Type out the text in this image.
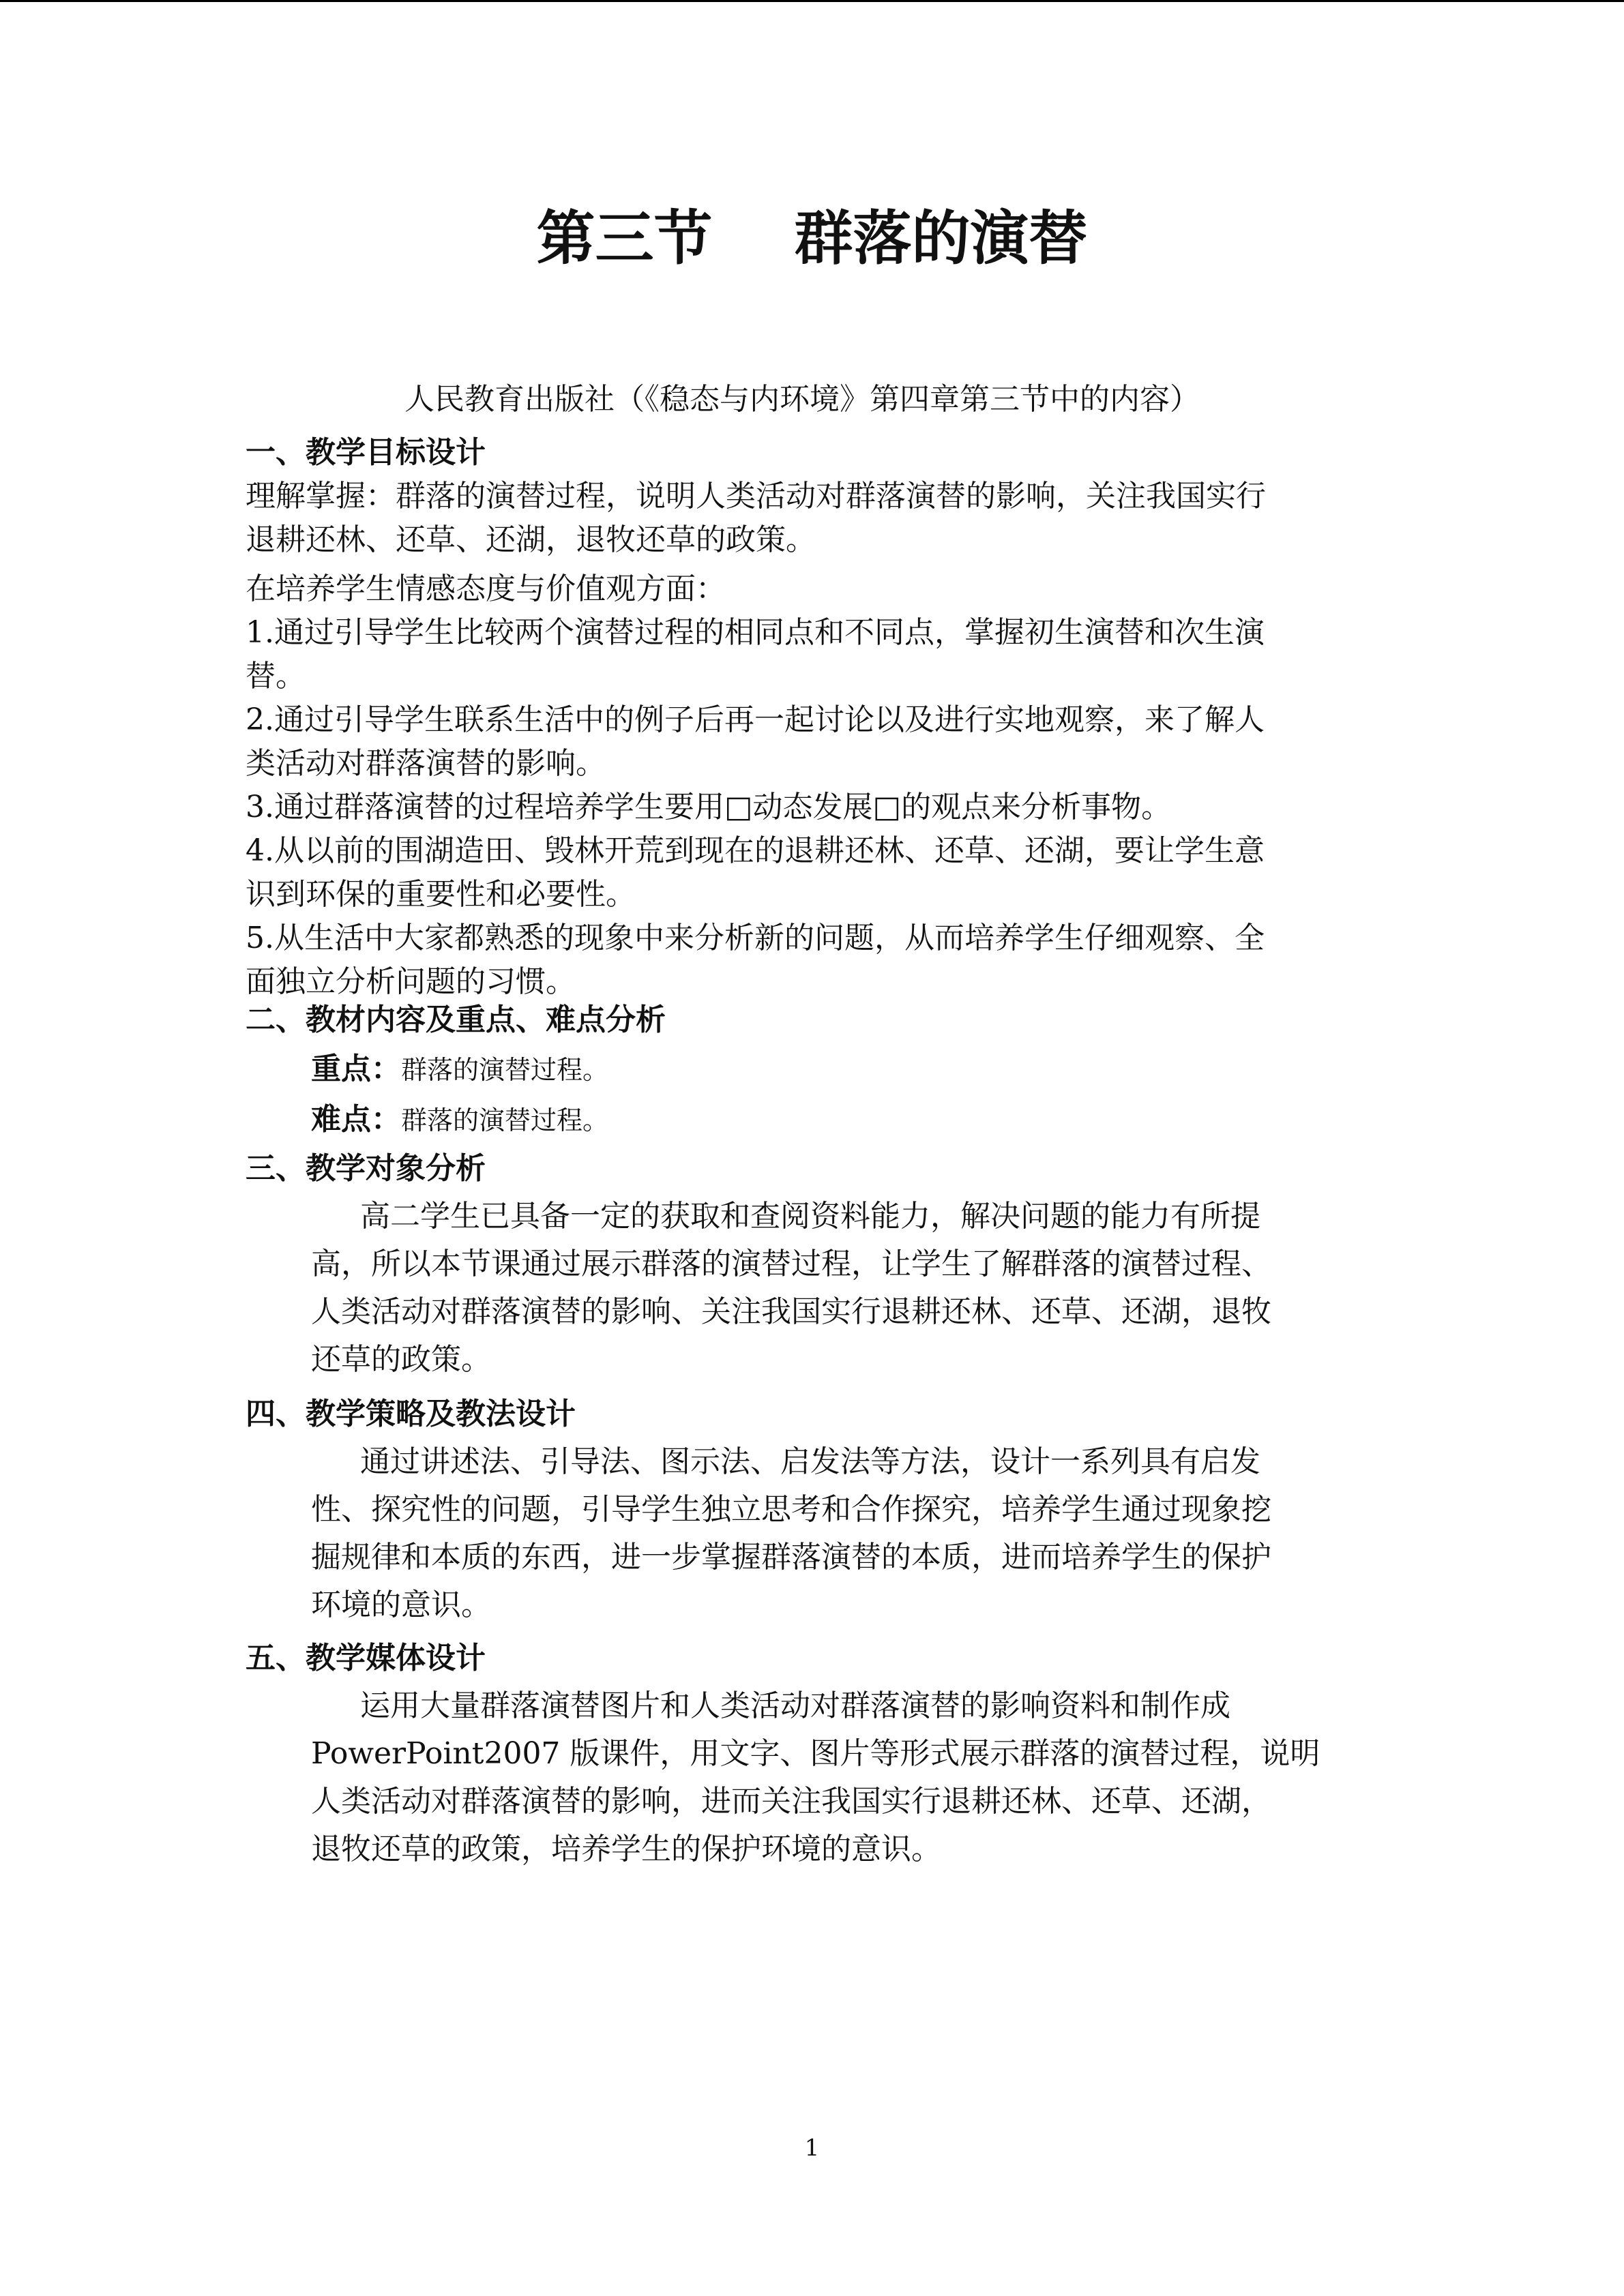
第三节 群落的演替
人民教育出版社（《稳态与内环境》第四章第三节中的内容）
一、教学目标设计
理解掌握：群落的演替过程，说明人类活动对群落演替的影响，关注我国实行
退耕还林、还草、还湖，退牧还草的政策。
在培养学生情感态度与价值观方面：
1.通过引导学生比较两个演替过程的相同点和不同点，掌握初生演替和次生演
替。
2.通过引导学生联系生活中的例子后再一起讨论以及进行实地观察，来了解人
类活动对群落演替的影响。
3.通过群落演替的过程培养学生要用□动态发展□的观点来分析事物。
4.从以前的围湖造田、毁林开荒到现在的退耕还林、还草、还湖，要让学生意
识到环保的重要性和必要性。
5.从生活中大家都熟悉的现象中来分析新的问题，从而培养学生仔细观察、全
面独立分析问题的习惯。
二、教材内容及重点、难点分析
重点：群落的演替过程。
难点：群落的演替过程。
三、教学对象分析
高二学生已具备一定的获取和查阅资料能力，解决问题的能力有所提
高，所以本节课通过展示群落的演替过程，让学生了解群落的演替过程、
人类活动对群落演替的影响、关注我国实行退耕还林、还草、还湖，退牧
还草的政策。
四、教学策略及教法设计
通过讲述法、引导法、图示法、启发法等方法，设计一系列具有启发
性、探究性的问题，引导学生独立思考和合作探究，培养学生通过现象挖
掘规律和本质的东西，进一步掌握群落演替的本质，进而培养学生的保护
环境的意识。
五、教学媒体设计
运用大量群落演替图片和人类活动对群落演替的影响资料和制作成
PowerPoint2007 版课件，用文字、图片等形式展示群落的演替过程，说明
人类活动对群落演替的影响，进而关注我国实行退耕还林、还草、还湖，
退牧还草的政策，培养学生的保护环境的意识。
1
